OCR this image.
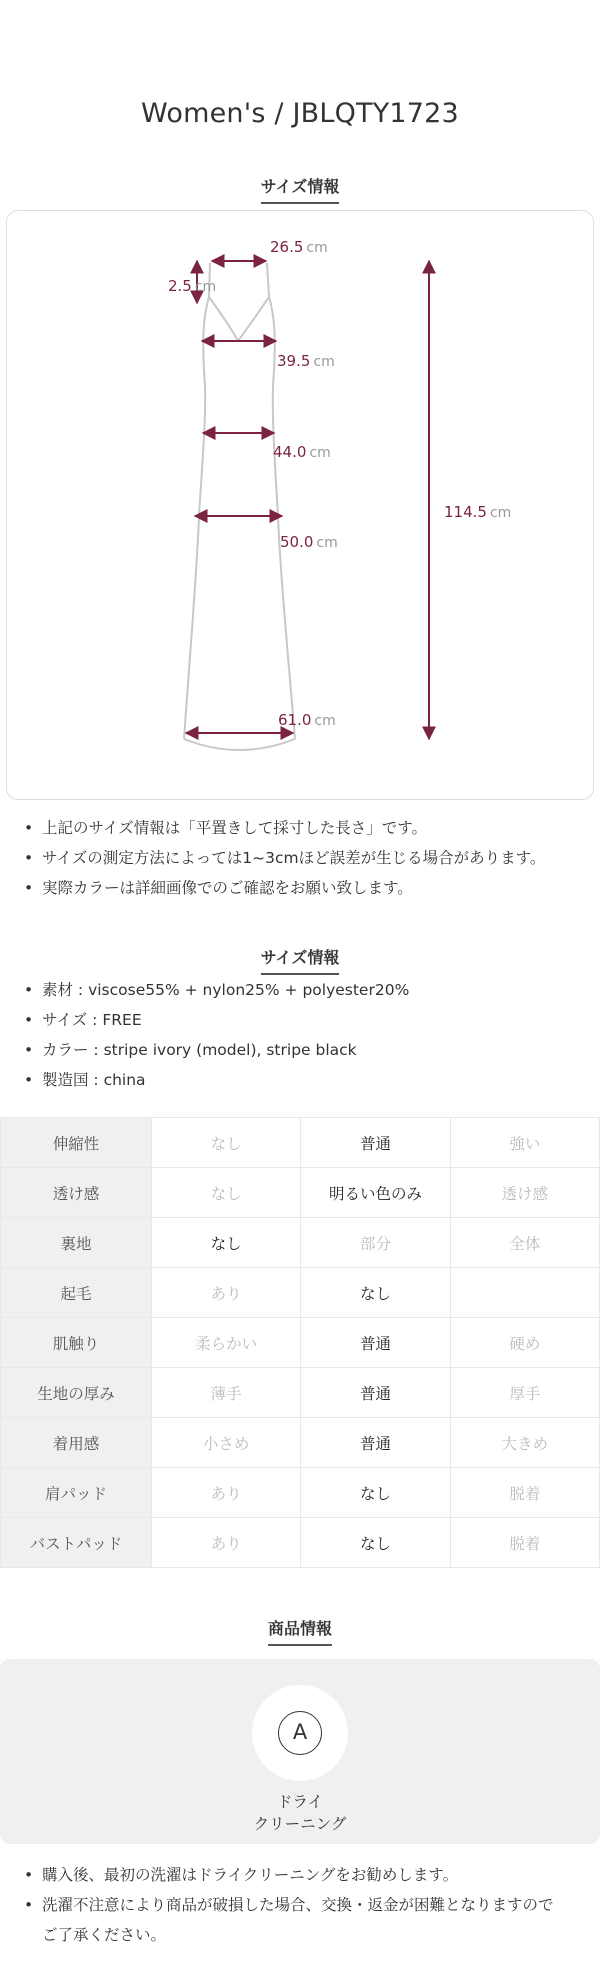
Women's / JBLQTY1723
サイズ情報
26.5 cm
2.5 cm
39.5 cm
44.0 cm
50.0 cm
61.0 cm
114.5 cm
• 上記のサイズ情報は「平置きして採寸した長さ」です。
• サイズの測定方法によっては1~3cmほど誤差が生じる場合があります。
• 実際カラーは詳細画像でのご確認をお願い致します。
サイズ情報
• 素材 : viscose55% + nylon25% + polyester20%
• サイズ : FREE
• カラー : stripe ivory (model), stripe black
• 製造国 : china
伸縮性	なし	普通	強い
透け感	なし	明るい色のみ	透け感
裏地	なし	部分	全体
起毛	あり	なし	
肌触り	柔らかい	普通	硬め
生地の厚み	薄手	普通	厚手
着用感	小さめ	普通	大きめ
肩パッド	あり	なし	脱着
バストパッド	あり	なし	脱着
商品情報
A
ドライ
クリーニング
• 購入後、最初の洗濯はドライクリーニングをお勧めします。
• 洗濯不注意により商品が破損した場合、交換・返金が困難となりますので
ご了承ください。
